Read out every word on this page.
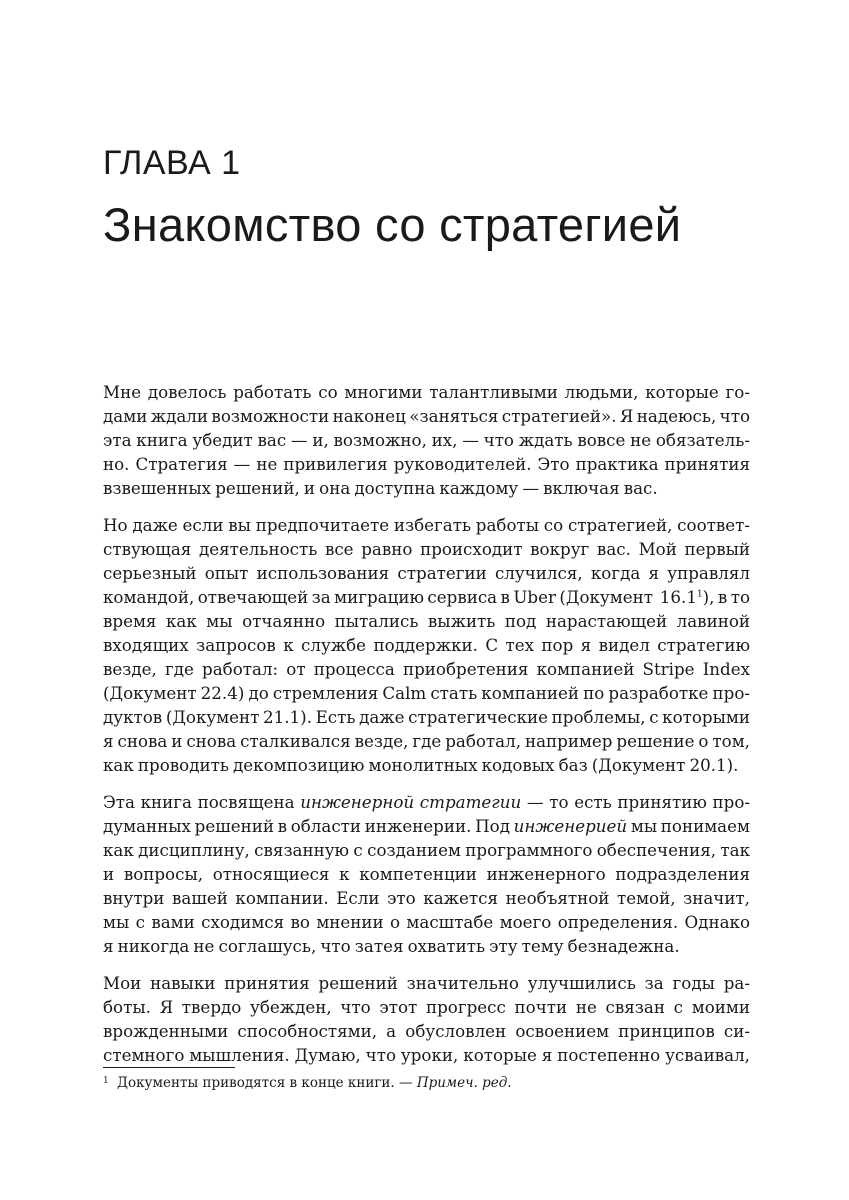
ГЛАВА 1
Знакомство со стратегией

Мне довелось работать со многими талантливыми людьми, которые го-
дами ждали возможности наконец «заняться стратегией». Я надеюсь, что
эта книга убедит вас — и, возможно, их, — что ждать вовсе не обязатель-
но. Стратегия — не привилегия руководителей. Это практика принятия
взвешенных решений, и она доступна каждому — включая вас.

Но даже если вы предпочитаете избегать работы со стратегией, соответ-
ствующая деятельность все равно происходит вокруг вас. Мой первый
серьезный опыт использования стратегии случился, когда я управлял
командой, отвечающей за миграцию сервиса в Uber (Документ  16.1$^1$), в то
время как мы отчаянно пытались выжить под нарастающей лавиной
входящих запросов к службе поддержки. С тех пор я видел стратегию
везде, где работал: от процесса приобретения компанией Stripe Index
(Документ 22.4) до стремления Calm стать компанией по разработке про-
дуктов (Документ 21.1). Есть даже стратегические проблемы, с которыми
я снова и снова сталкивался везде, где работал, например решение о том,
как проводить декомпозицию монолитных кодовых баз (Документ 20.1).

Эта книга посвящена инженерной стратегии — то есть принятию про-
думанных решений в области инженерии. Под инженерией мы понимаем
как дисциплину, связанную с созданием программного обеспечения, так
и вопросы, относящиеся к компетенции инженерного подразделения
внутри вашей компании. Если это кажется необъятной темой, значит,
мы с вами сходимся во мнении о масштабе моего определения. Однако
я никогда не соглашусь, что затея охватить эту тему безнадежна.

Мои навыки принятия решений значительно улучшились за годы ра-
боты. Я твердо убежден, что этот прогресс почти не связан с моими
врожденными способностями, а обусловлен освоением принципов си-
стемного мышления. Думаю, что уроки, которые я постепенно усваивал,

1 Документы приводятся в конце книги. — Примеч. ред.
